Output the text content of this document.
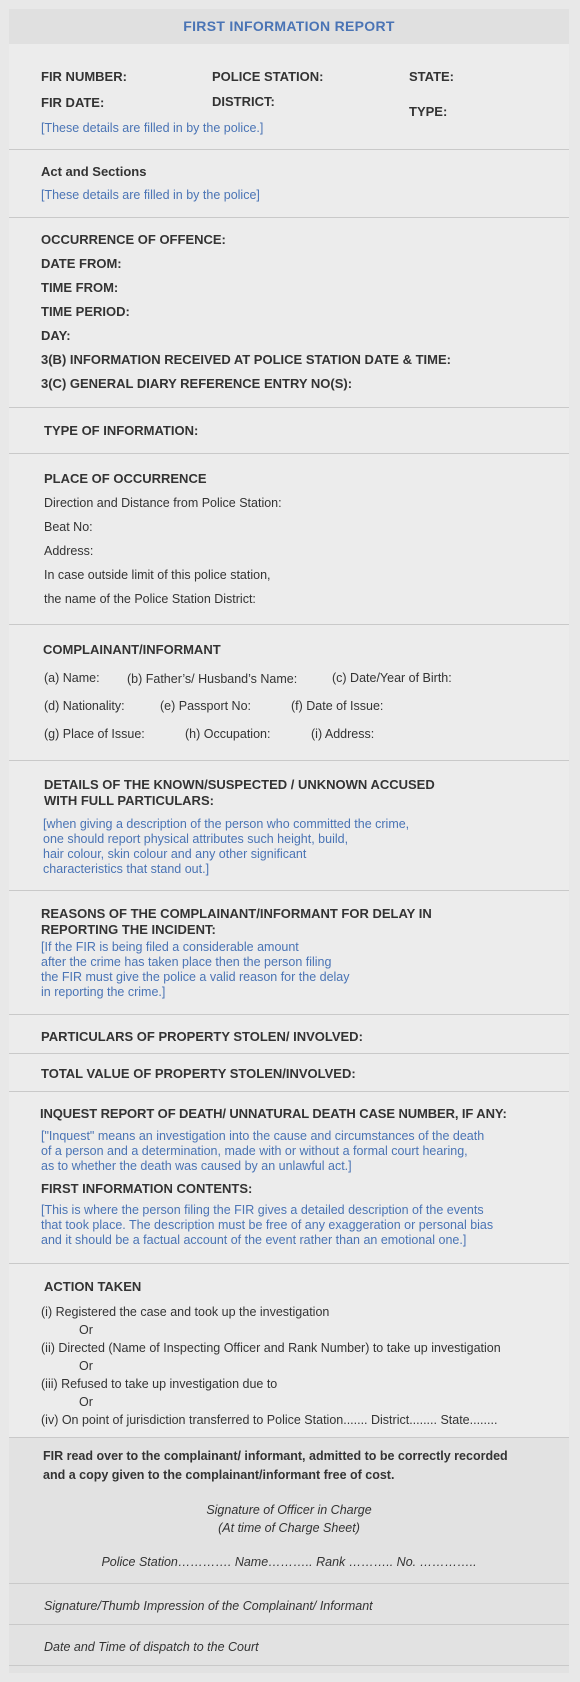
FIRST INFORMATION REPORT
FIR NUMBER:	POLICE STATION:	STATE:
FIR DATE:	DISTRICT:
TYPE:
[These details are filled in by the police.]
Act and Sections
[These details are filled in by the police]
OCCURRENCE OF OFFENCE:
DATE FROM:
TIME FROM:
TIME PERIOD:
DAY:
3(B) INFORMATION RECEIVED AT POLICE STATION DATE & TIME:
3(C) GENERAL DIARY REFERENCE ENTRY NO(S):
TYPE OF INFORMATION:
PLACE OF OCCURRENCE
Direction and Distance from Police Station:
Beat No:
Address:
In case outside limit of this police station,
the name of the Police Station District:
COMPLAINANT/INFORMANT
(a) Name: (b) Father’s/ Husband’s Name:	(c) Date/Year of Birth:
(d) Nationality:	(e) Passport No:	(f) Date of Issue:
(g) Place of Issue:	(h) Occupation:	(i) Address:
DETAILS OF THE KNOWN/SUSPECTED / UNKNOWN ACCUSED
WITH FULL PARTICULARS:
[when giving a description of the person who committed the crime,
one should report physical attributes such height, build,
hair colour, skin colour and any other significant
characteristics that stand out.]
REASONS OF THE COMPLAINANT/INFORMANT FOR DELAY IN
REPORTING THE INCIDENT:
[If the FIR is being filed a considerable amount
after the crime has taken place then the person filing
the FIR must give the police a valid reason for the delay
in reporting the crime.]
PARTICULARS OF PROPERTY STOLEN/ INVOLVED:
TOTAL VALUE OF PROPERTY STOLEN/INVOLVED:
INQUEST REPORT OF DEATH/ UNNATURAL DEATH CASE NUMBER, IF ANY:
["Inquest" means an investigation into the cause and circumstances of the death
of a person and a determination, made with or without a formal court hearing,
as to whether the death was caused by an unlawful act.]
FIRST INFORMATION CONTENTS:
[This is where the person filing the FIR gives a detailed description of the events
that took place. The description must be free of any exaggeration or personal bias
and it should be a factual account of the event rather than an emotional one.]
ACTION TAKEN
(i) Registered the case and took up the investigation
Or
(ii) Directed (Name of Inspecting Officer and Rank Number) to take up investigation
Or
(iii) Refused to take up investigation due to
Or
(iv) On point of jurisdiction transferred to Police Station....... District........ State........
FIR read over to the complainant/ informant, admitted to be correctly recorded
and a copy given to the complainant/informant free of cost.
Signature of Officer in Charge
(At time of Charge Sheet)
Police Station…………. Name……….. Rank ……….. No. …………..
Signature/Thumb Impression of the Complainant/ Informant
Date and Time of dispatch to the Court
